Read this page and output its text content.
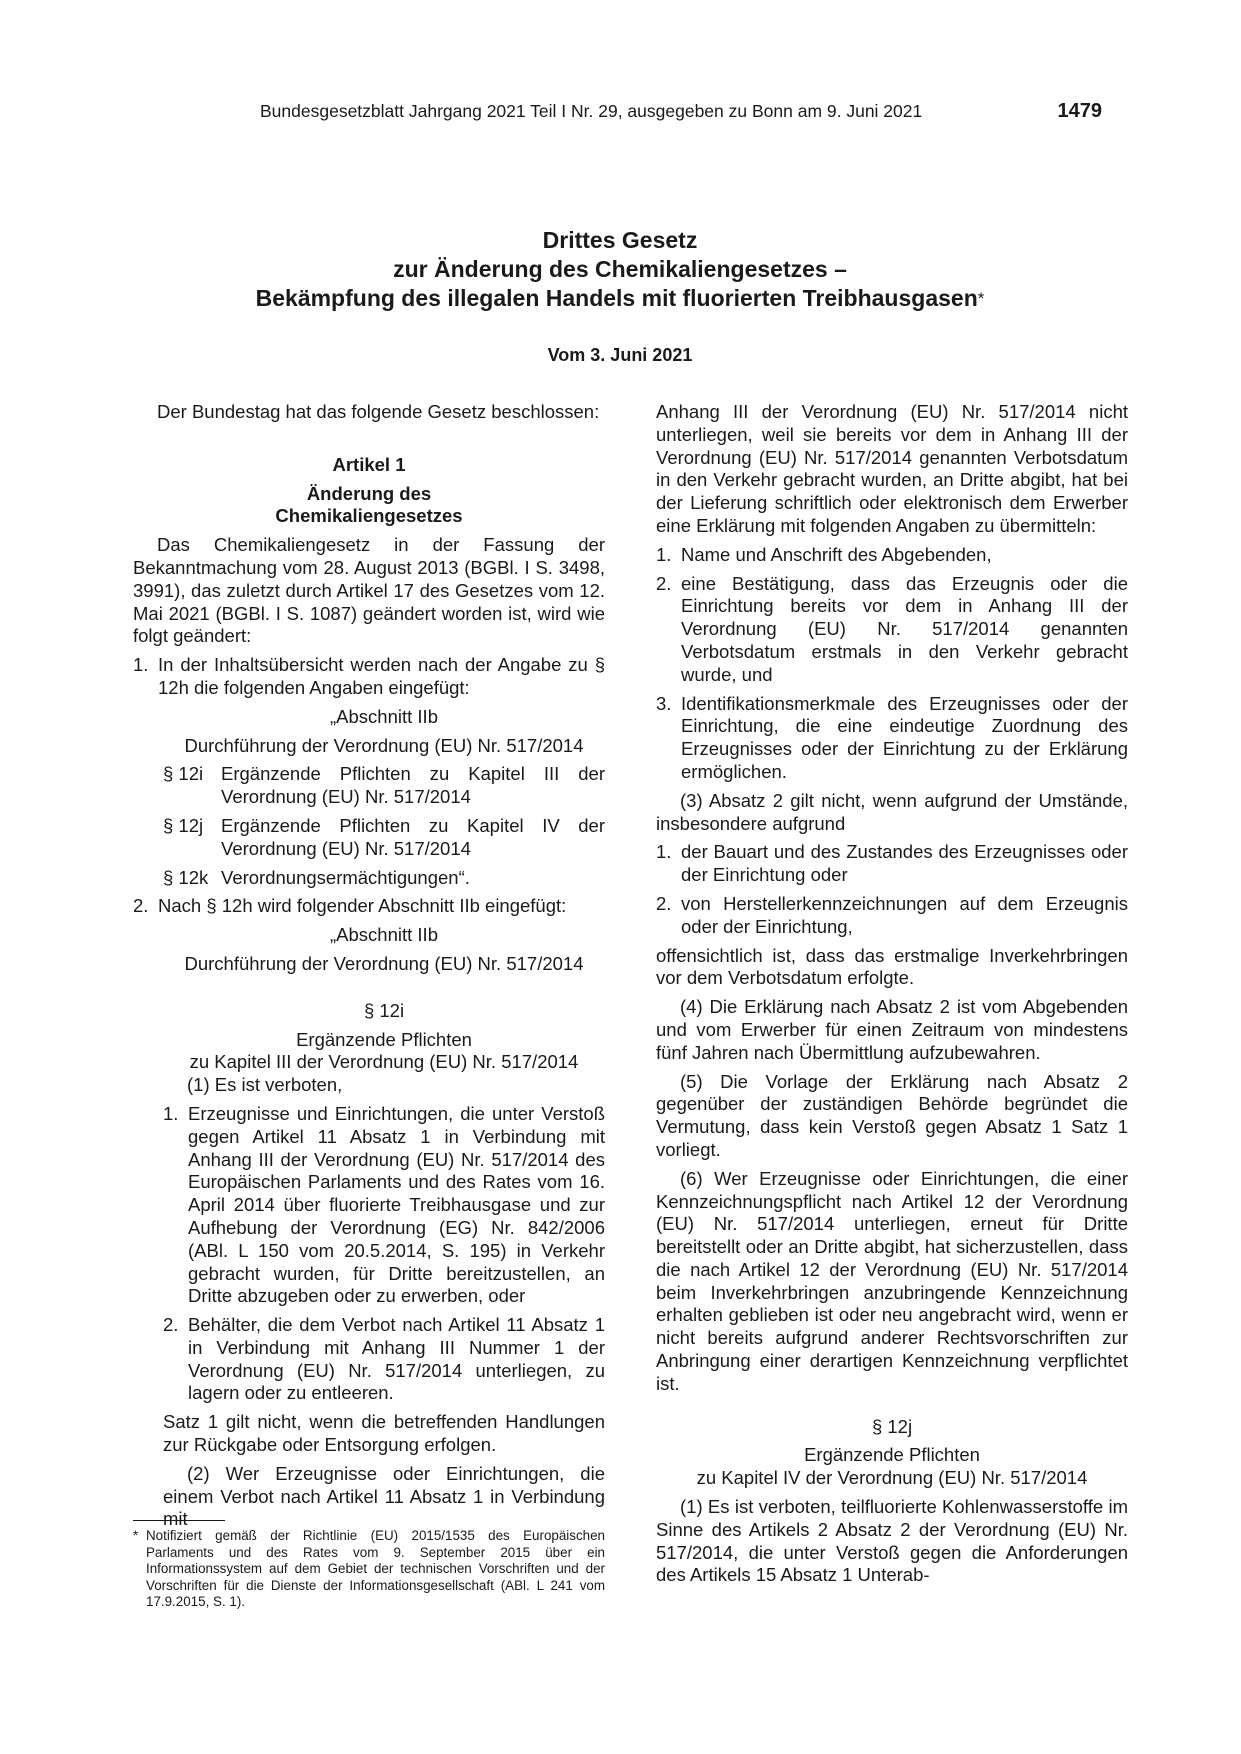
Bundesgesetzblatt Jahrgang 2021 Teil I Nr. 29, ausgegeben zu Bonn am 9. Juni 2021	1479
Drittes Gesetz
zur Änderung des Chemikaliengesetzes –
Bekämpfung des illegalen Handels mit fluorierten Treibhausgasen*
Vom 3. Juni 2021

Der Bundestag hat das folgende Gesetz beschlossen:

Artikel 1
Änderung des
Chemikaliengesetzes

Das Chemikaliengesetz in der Fassung der Bekanntmachung vom 28. August 2013 (BGBl. I S. 3498, 3991), das zuletzt durch Artikel 17 des Gesetzes vom 12. Mai 2021 (BGBl. I S. 1087) geändert worden ist, wird wie folgt geändert:

1. In der Inhaltsübersicht werden nach der Angabe zu § 12h die folgenden Angaben eingefügt:
„Abschnitt IIb
Durchführung der Verordnung (EU) Nr. 517/2014
§ 12i Ergänzende Pflichten zu Kapitel III der Verordnung (EU) Nr. 517/2014
§ 12j Ergänzende Pflichten zu Kapitel IV der Verordnung (EU) Nr. 517/2014
§ 12k Verordnungsermächtigungen“.
2. Nach § 12h wird folgender Abschnitt IIb eingefügt:
„Abschnitt IIb
Durchführung der Verordnung (EU) Nr. 517/2014
§ 12i
Ergänzende Pflichten
zu Kapitel III der Verordnung (EU) Nr. 517/2014

(1) Es ist verboten,

1. Erzeugnisse und Einrichtungen, die unter Verstoß gegen Artikel 11 Absatz 1 in Verbindung mit Anhang III der Verordnung (EU) Nr. 517/2014 des Europäischen Parlaments und des Rates vom 16. April 2014 über fluorierte Treibhausgase und zur Aufhebung der Verordnung (EG) Nr. 842/2006 (ABl. L 150 vom 20.5.2014, S. 195) in Verkehr gebracht wurden, für Dritte bereitzustellen, an Dritte abzugeben oder zu erwerben, oder
2. Behälter, die dem Verbot nach Artikel 11 Absatz 1 in Verbindung mit Anhang III Nummer 1 der Verordnung (EU) Nr. 517/2014 unterliegen, zu lagern oder zu entleeren.

Satz 1 gilt nicht, wenn die betreffenden Handlungen zur Rückgabe oder Entsorgung erfolgen.

(2) Wer Erzeugnisse oder Einrichtungen, die einem Verbot nach Artikel 11 Absatz 1 in Verbindung mit

Anhang III der Verordnung (EU) Nr. 517/2014 nicht unterliegen, weil sie bereits vor dem in Anhang III der Verordnung (EU) Nr. 517/2014 genannten Verbotsdatum in den Verkehr gebracht wurden, an Dritte abgibt, hat bei der Lieferung schriftlich oder elektronisch dem Erwerber eine Erklärung mit folgenden Angaben zu übermitteln:

1. Name und Anschrift des Abgebenden,
2. eine Bestätigung, dass das Erzeugnis oder die Einrichtung bereits vor dem in Anhang III der Verordnung (EU) Nr. 517/2014 genannten Verbotsdatum erstmals in den Verkehr gebracht wurde, und
3. Identifikationsmerkmale des Erzeugnisses oder der Einrichtung, die eine eindeutige Zuordnung des Erzeugnisses oder der Einrichtung zu der Erklärung ermöglichen.

(3) Absatz 2 gilt nicht, wenn aufgrund der Umstände, insbesondere aufgrund

1. der Bauart und des Zustandes des Erzeugnisses oder der Einrichtung oder
2. von Herstellerkennzeichnungen auf dem Erzeugnis oder der Einrichtung,

offensichtlich ist, dass das erstmalige Inverkehrbringen vor dem Verbotsdatum erfolgte.

(4) Die Erklärung nach Absatz 2 ist vom Abgebenden und vom Erwerber für einen Zeitraum von mindestens fünf Jahren nach Übermittlung aufzubewahren.

(5) Die Vorlage der Erklärung nach Absatz 2 gegenüber der zuständigen Behörde begründet die Vermutung, dass kein Verstoß gegen Absatz 1 Satz 1 vorliegt.

(6) Wer Erzeugnisse oder Einrichtungen, die einer Kennzeichnungspflicht nach Artikel 12 der Verordnung (EU) Nr. 517/2014 unterliegen, erneut für Dritte bereitstellt oder an Dritte abgibt, hat sicherzustellen, dass die nach Artikel 12 der Verordnung (EU) Nr. 517/2014 beim Inverkehrbringen anzubringende Kennzeichnung erhalten geblieben ist oder neu angebracht wird, wenn er nicht bereits aufgrund anderer Rechtsvorschriften zur Anbringung einer derartigen Kennzeichnung verpflichtet ist.

§ 12j
Ergänzende Pflichten
zu Kapitel IV der Verordnung (EU) Nr. 517/2014

(1) Es ist verboten, teilfluorierte Kohlenwasserstoffe im Sinne des Artikels 2 Absatz 2 der Verordnung (EU) Nr. 517/2014, die unter Verstoß gegen die Anforderungen des Artikels 15 Absatz 1 Unterab-

* Notifiziert gemäß der Richtlinie (EU) 2015/1535 des Europäischen Parlaments und des Rates vom 9. September 2015 über ein Informationssystem auf dem Gebiet der technischen Vorschriften und der Vorschriften für die Dienste der Informationsgesellschaft (ABl. L 241 vom 17.9.2015, S. 1).
